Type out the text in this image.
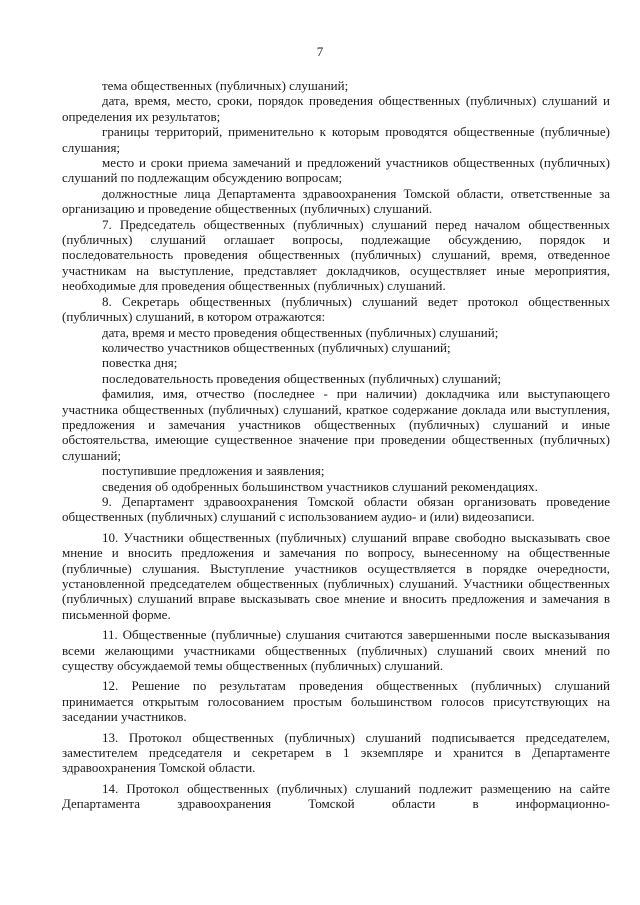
7

тема общественных (публичных) слушаний;

дата, время, место, сроки, порядок проведения общественных (публичных) слушаний и определения их результатов;

границы территорий, применительно к которым проводятся общественные (публичные) слушания;

место и сроки приема замечаний и предложений участников общественных (публичных) слушаний по подлежащим обсуждению вопросам;

должностные лица Департамента здравоохранения Томской области, ответственные за организацию и проведение общественных (публичных) слушаний.

7. Председатель общественных (публичных) слушаний перед началом общественных (публичных) слушаний оглашает вопросы, подлежащие обсуждению, порядок и последовательность проведения общественных (публичных) слушаний, время, отведенное участникам на выступление, представляет докладчиков, осуществляет иные мероприятия, необходимые для проведения общественных (публичных) слушаний.

8. Секретарь общественных (публичных) слушаний ведет протокол общественных (публичных) слушаний, в котором отражаются:

дата, время и место проведения общественных (публичных) слушаний;

количество участников общественных (публичных) слушаний;

повестка дня;

последовательность проведения общественных (публичных) слушаний;

фамилия, имя, отчество (последнее - при наличии) докладчика или выступающего участника общественных (публичных) слушаний, краткое содержание доклада или выступления, предложения и замечания участников общественных (публичных) слушаний и иные обстоятельства, имеющие существенное значение при проведении общественных (публичных) слушаний;

поступившие предложения и заявления;

сведения об одобренных большинством участников слушаний рекомендациях.

9. Департамент здравоохранения Томской области обязан организовать проведение общественных (публичных) слушаний с использованием аудио- и (или) видеозаписи.

10. Участники общественных (публичных) слушаний вправе свободно высказывать свое мнение и вносить предложения и замечания по вопросу, вынесенному на общественные (публичные) слушания. Выступление участников осуществляется в порядке очередности, установленной председателем общественных (публичных) слушаний. Участники общественных (публичных) слушаний вправе высказывать свое мнение и вносить предложения и замечания в письменной форме.

11. Общественные (публичные) слушания считаются завершенными после высказывания всеми желающими участниками общественных (публичных) слушаний своих мнений по существу обсуждаемой темы общественных (публичных) слушаний.

12. Решение по результатам проведения общественных (публичных) слушаний принимается открытым голосованием простым большинством голосов присутствующих на заседании участников.

13. Протокол общественных (публичных) слушаний подписывается председателем, заместителем председателя и секретарем в 1 экземпляре и хранится в Департаменте здравоохранения Томской области.

14. Протокол общественных (публичных) слушаний подлежит размещению на сайте Департамента здравоохранения Томской области в информационно-
